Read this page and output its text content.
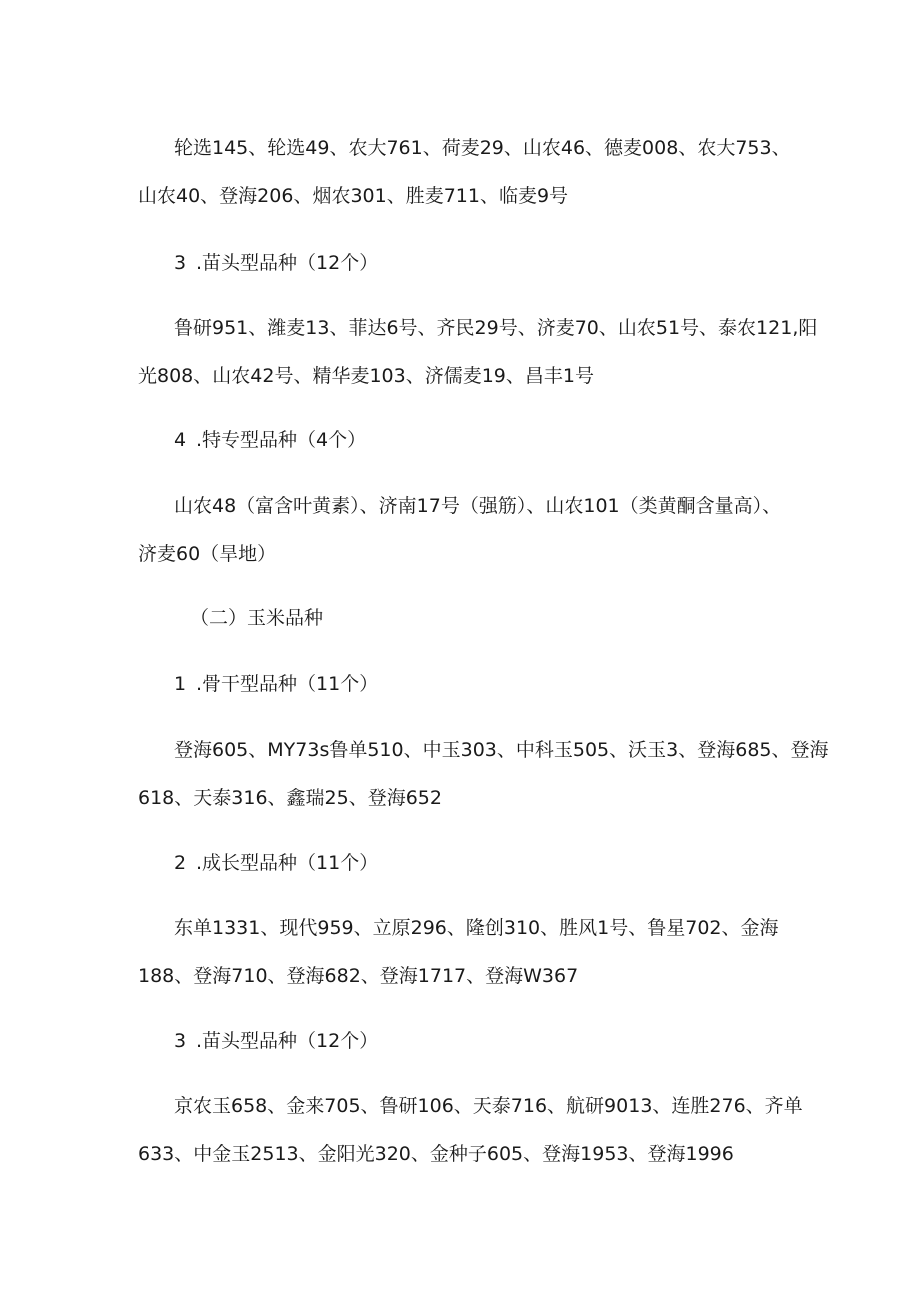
轮选145、轮选49、农大761、荷麦29、山农46、德麦008、农大753、
山农40、登海206、烟农301、胜麦711、临麦9号
3 .苗头型品种（12个）
鲁研951、潍麦13、菲达6号、齐民29号、济麦70、山农51号、泰农121,阳
光808、山农42号、精华麦103、济儒麦19、昌丰1号
4 .特专型品种（4个）
山农48（富含叶黄素）、济南17号（强筋）、山农101（类黄酮含量高）、
济麦60（旱地）
（二）玉米品种
1 .骨干型品种（11个）
登海605、MY73s鲁单510、中玉303、中科玉505、沃玉3、登海685、登海
618、天泰316、鑫瑞25、登海652
2 .成长型品种（11个）
东单1331、现代959、立原296、隆创310、胜风1号、鲁星702、金海
188、登海710、登海682、登海1717、登海W367
3 .苗头型品种（12个）
京农玉658、金来705、鲁研106、天泰716、航研9013、连胜276、齐单
633、中金玉2513、金阳光320、金种子605、登海1953、登海1996
